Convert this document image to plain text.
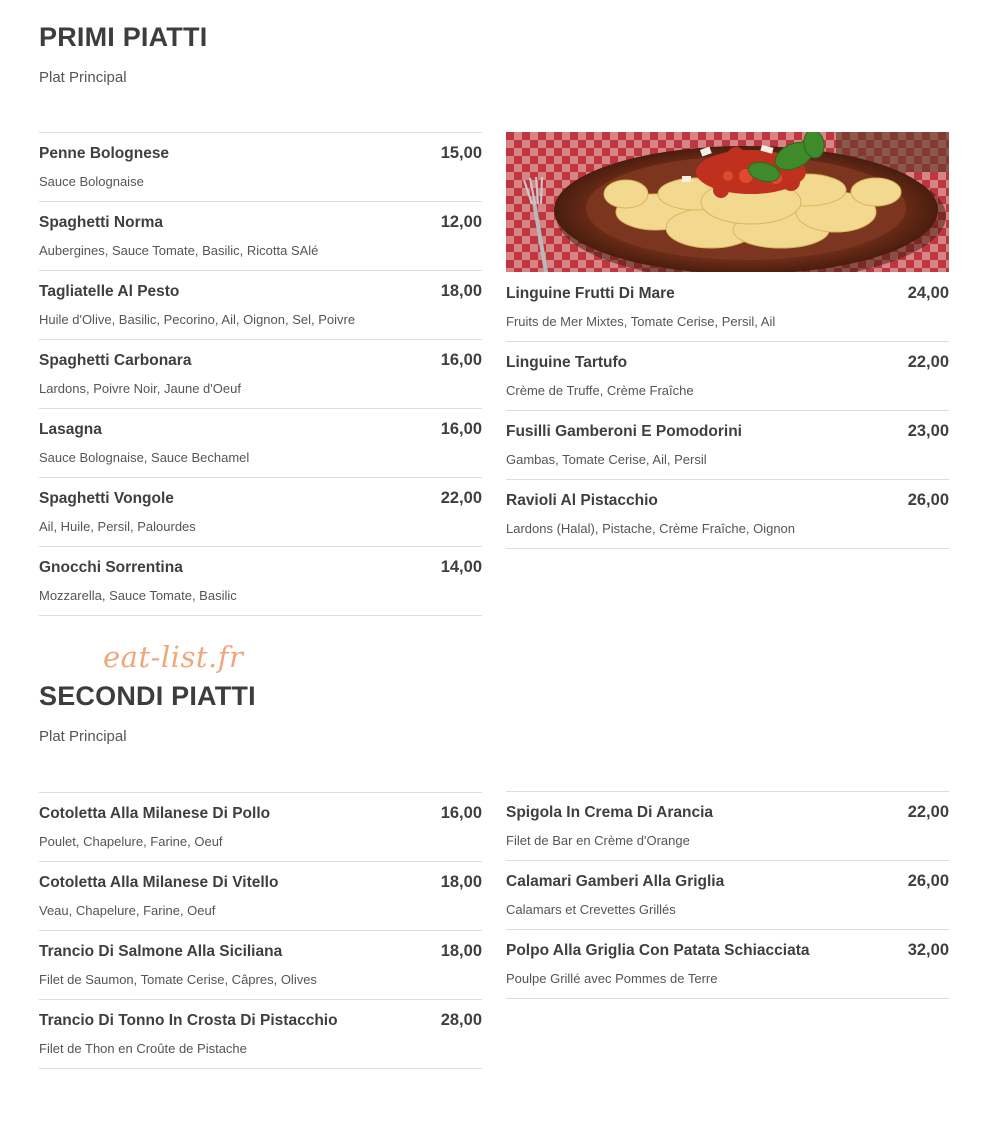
PRIMI PIATTI
Plat Principal
Penne Bolognese	15,00
Sauce Bolognaise
Spaghetti Norma	12,00
Aubergines, Sauce Tomate, Basilic, Ricotta SAlé
Tagliatelle Al Pesto	18,00
Huile d'Olive, Basilic, Pecorino, Ail, Oignon, Sel, Poivre
Spaghetti Carbonara	16,00
Lardons, Poivre Noir, Jaune d'Oeuf
Lasagna	16,00
Sauce Bolognaise, Sauce Bechamel
Spaghetti Vongole	22,00
Ail, Huile, Persil, Palourdes
Gnocchi Sorrentina	14,00
Mozzarella, Sauce Tomate, Basilic
Linguine Frutti Di Mare	24,00
Fruits de Mer Mixtes, Tomate Cerise, Persil, Ail
Linguine Tartufo	22,00
Crème de Truffe, Crème Fraîche
Fusilli Gamberoni E Pomodorini	23,00
Gambas, Tomate Cerise, Ail, Persil
Ravioli Al Pistacchio	26,00
Lardons (Halal), Pistache, Crème Fraîche, Oignon
eat-list.fr
SECONDI PIATTI
Plat Principal
Cotoletta Alla Milanese Di Pollo	16,00
Poulet, Chapelure, Farine, Oeuf
Cotoletta Alla Milanese Di Vitello	18,00
Veau, Chapelure, Farine, Oeuf
Trancio Di Salmone Alla Siciliana	18,00
Filet de Saumon, Tomate Cerise, Câpres, Olives
Trancio Di Tonno In Crosta Di Pistacchio	28,00
Filet de Thon en Croûte de Pistache
Spigola In Crema Di Arancia	22,00
Filet de Bar en Crème d'Orange
Calamari Gamberi Alla Griglia	26,00
Calamars et Crevettes Grillés
Polpo Alla Griglia Con Patata Schiacciata	32,00
Poulpe Grillé avec Pommes de Terre
